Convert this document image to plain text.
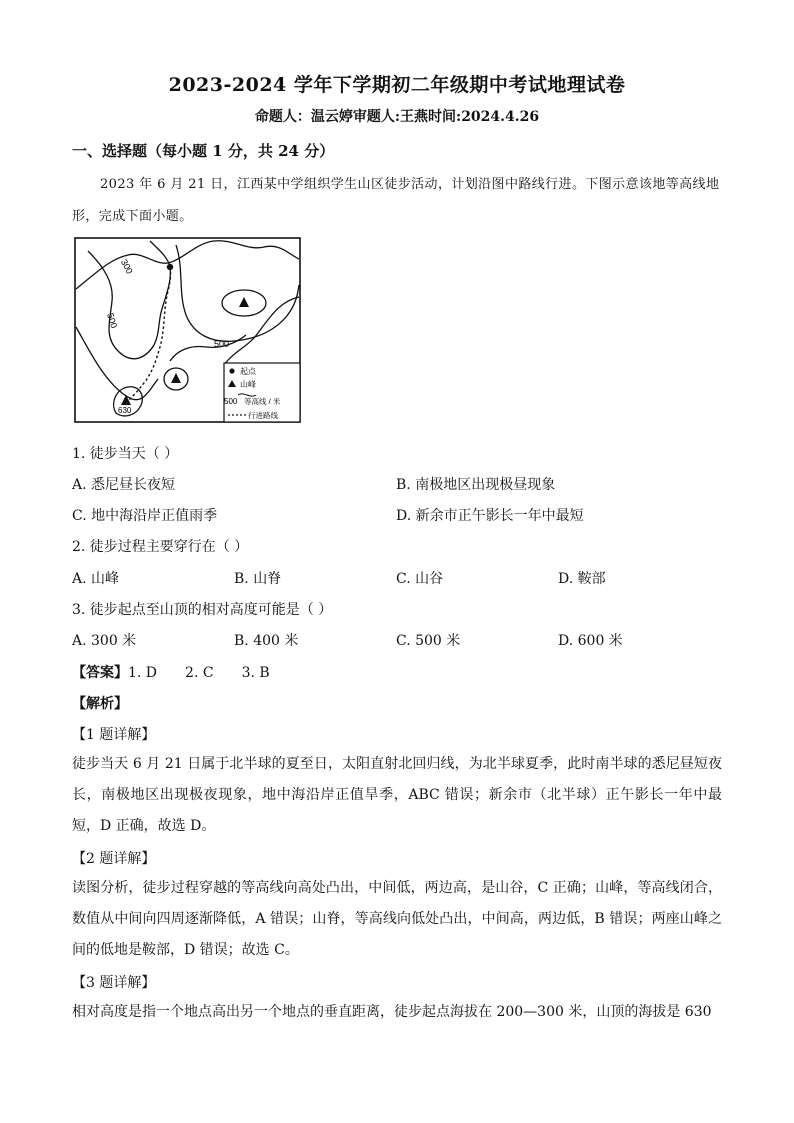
2023-2024 学年下学期初二年级期中考试地理试卷
命题人：温云婷审题人:王燕时间:2024.4.26
一、选择题（每小题 1 分，共 24 分）
2023 年 6 月 21 日，江西某中学组织学生山区徒步活动，计划沿图中路线行进。下图示意该地等高线地
形，完成下面小题。
300
500
500
630
起点
山峰
500 等高线 / 米
行进路线
1. 徒步当天（ ）
A. 悉尼昼长夜短	B. 南极地区出现极昼现象
C. 地中海沿岸正值雨季	D. 新余市正午影长一年中最短
2. 徒步过程主要穿行在（ ）
A. 山峰	B. 山脊	C. 山谷	D. 鞍部
3. 徒步起点至山顶的相对高度可能是（ ）
A. 300 米	B. 400 米	C. 500 米	D. 600 米
【答案】1. D 2. C 3. B
【解析】
【1 题详解】
徒步当天 6 月 21 日属于北半球的夏至日，太阳直射北回归线，为北半球夏季，此时南半球的悉尼昼短夜长，南极地区出现极夜现象，地中海沿岸正值旱季，ABC 错误；新余市（北半球）正午影长一年中最短，D 正确，故选 D。
【2 题详解】
读图分析，徒步过程穿越的等高线向高处凸出，中间低，两边高，是山谷，C 正确；山峰，等高线闭合，数值从中间向四周逐渐降低，A 错误；山脊，等高线向低处凸出，中间高，两边低，B 错误；两座山峰之间的低地是鞍部，D 错误；故选 C。
【3 题详解】
相对高度是指一个地点高出另一个地点的垂直距离，徒步起点海拔在 200—300 米，山顶的海拔是 630
